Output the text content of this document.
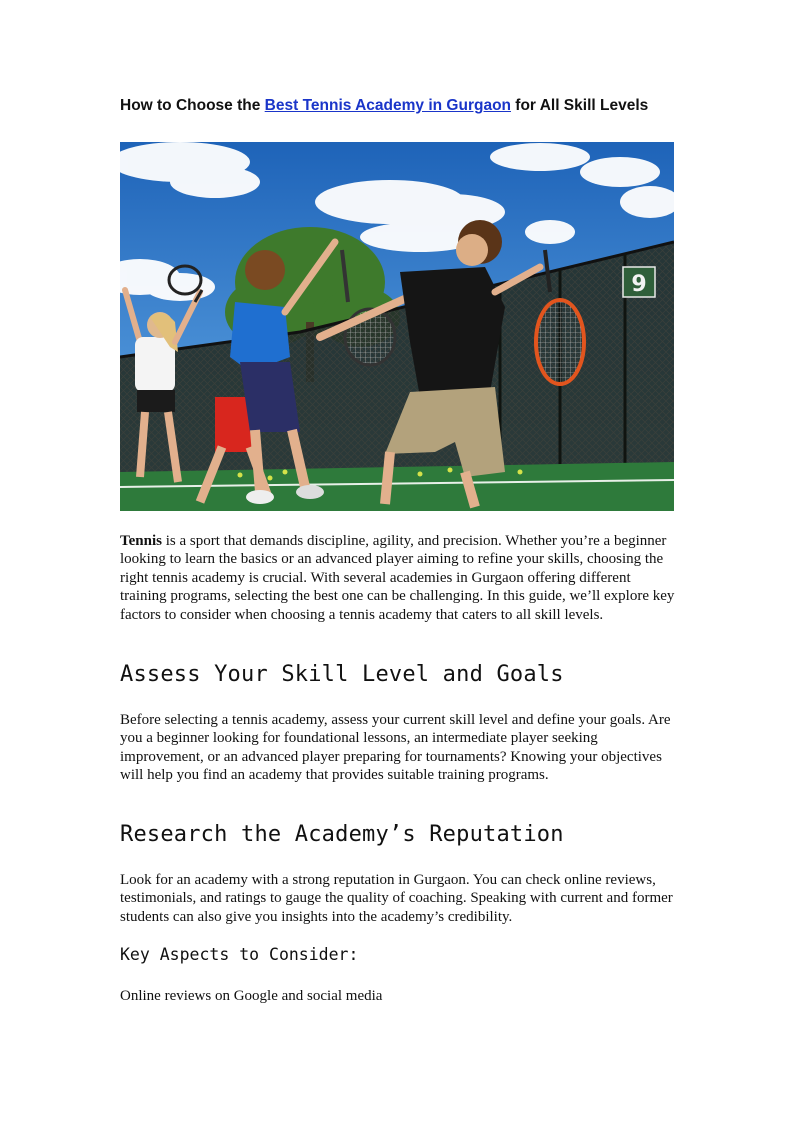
How to Choose the Best Tennis Academy in Gurgaon for All Skill Levels
9

Tennis is a sport that demands discipline, agility, and precision. Whether you’re a beginner looking to learn the basics or an advanced player aiming to refine your skills, choosing the right tennis academy is crucial. With several academies in Gurgaon offering different training programs, selecting the best one can be challenging. In this guide, we’ll explore key factors to consider when choosing a tennis academy that caters to all skill levels.

Assess Your Skill Level and Goals

Before selecting a tennis academy, assess your current skill level and define your goals. Are you a beginner looking for foundational lessons, an intermediate player seeking improvement, or an advanced player preparing for tournaments? Knowing your objectives will help you find an academy that provides suitable training programs.

Research the Academy’s Reputation

Look for an academy with a strong reputation in Gurgaon. You can check online reviews, testimonials, and ratings to gauge the quality of coaching. Speaking with current and former students can also give you insights into the academy’s credibility.

Key Aspects to Consider:

Online reviews on Google and social media
